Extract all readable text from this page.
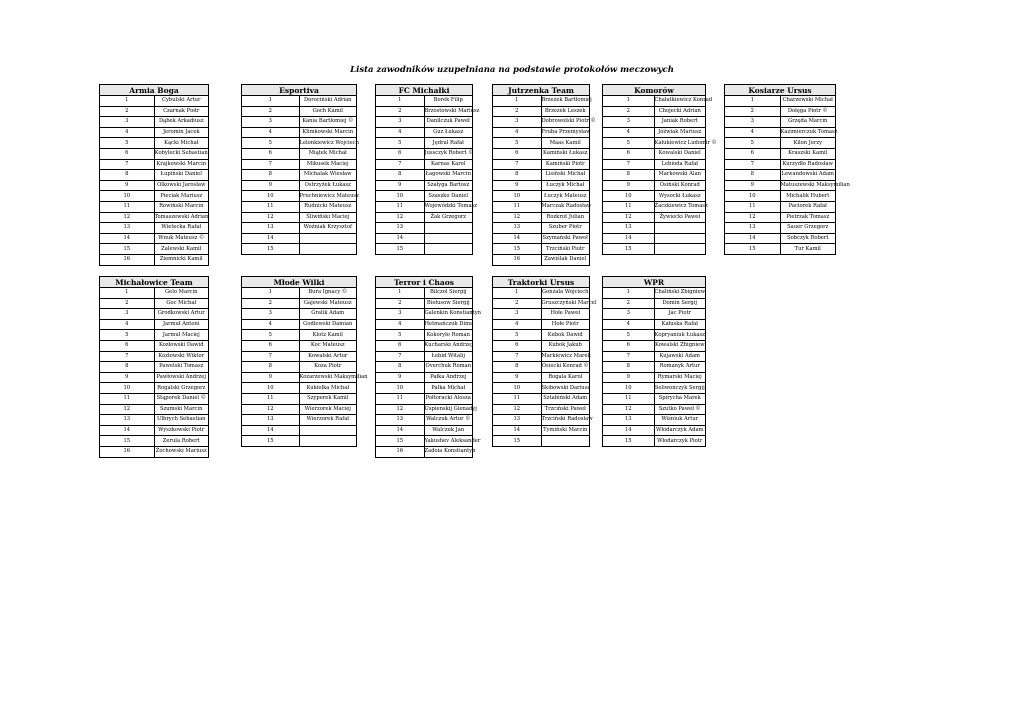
Lista zawodników uzupełniana na podstawie protokołów meczowych
Armia Boga	
1	Cybulski Artur
2	Czarnak Piotr
3	Dąbek Arkadiusz
4	Jeromin Jacek
5	Kącki Michał
6	Kobylecki Sebastian
7	Krajkowski Marcin
8	Łupiński Daniel
9	Olkowski Jarosław
10	Pieciak Mariusz
11	Rowiński Marcin
12	Tomaszewski Adrian
13	Wietecka Rafał
14	Wnuk Mateusz ©
15	Zalewski Kamil
16	Ziemnicki Kamil
Esportiva	
1	Dorociński Adrian
2	Goch Kamil
3	Kania Bartłomiej ©
4	Klimkowski Marcin
5	Lelonkiewicz Wojciech
6	Miątek Michał
7	Mikusek Maciej
8	Michalak Wiesław
9	Ostrzyżek Łukasz
10	Pruchniewicz Mateusz
11	Rudnicki Mateusz
12	Śliwiński Maciej
13	Woźniak Krzysztof
14	
15	
FC Michałki	
1	Borek Filip
2	Brzostowski Mariusz
3	Danilczuk Paweł
4	Guz Łukasz
5	Jędral Rafał
6	Jussczyk Robert ©
7	Karnas Karol
8	Łagowski Marcin
9	Szałyga Bartosz
10	Szaszko Daniel
11	Wojewódzki Tomasz
12	Żak Grzegorz
13	
14	
15	
Jutrzenka Team	
1	Brzezek Bartłomiej
2	Brzezek Leszek
3	Dobrowolski Piotr ©
4	Fruba Przemysław
5	Maas Kamil
6	Kamiński Łukasz
7	Kamiński Piotr
8	Lisiński Michał
9	Łuczyk Michał
10	Łuczyk Mateusz
11	Marczak Radosław
12	Rozkrut Julian
13	Szuber Piotr
14	Szymański Paweł
15	Trzciński Piotr
16	Zawiślak Daniel
Komorów	
1	Chałatkiewicz Konrad
2	Chojecki Adrian
3	Janiak Robert
4	Jóźwiak Mariusz
5	Kałukiewicz Ludomir ©
6	Kowalski Daniel
7	Lebioda Rafał
8	Markowski Alan
9	Osiński Konrad
10	Wysocki Łukasz
11	Żaczkiewicz Tomasz
12	Żywiecki Paweł
13	
14	
15	
Kosiarze Ursus	
1	Charzewski Michał
2	Dołęga Piotr ©
3	Grzęda Marcin
4	Kazimierczuk Tomasz
5	Kilon Jerzy
6	Kraszski Kamil
7	Kurzydło Radosław
8	Lewandowski Adam
9	Matuszewski Maksymilian
10	Michalik Hubert
11	Paciorek Rafał
12	Pietrzak Tomasz
13	Sauer Grzegorz
14	Sobczyk Robert
15	Tur Kamil
Michałowice Team	
1	Gelo Marcin
2	Goc Michał
3	Grodkowski Artur
4	Jarmuł Antoni
5	Jarmuł Maciej
6	Kozłowski Dawid
7	Kozłowski Wiktor
8	Pawelski Tomasz
9	Pawłowski Andrzej
10	Rogalski Grzegorz
11	Stąporek Daniel ©
12	Szumski Marcin
13	Ulbrych Sebastian
14	Wyszkowski Piotr
15	Zerula Robert
16	Żochowski Mariusz
Młode Wilki	
1	Bura Ignacy ©
2	Gajewski Mateusz
3	Gralik Adam
4	Godlewski Damian
5	Klotz Kamil
6	Koc Mateusz
7	Kowalski Artur
8	Koza Piotr
9	Kozarzewski Maksymilian
10	Kukiełka Michał
11	Szyperek Kamil
12	Wierzorek Maciej
13	Wierzorek Rafał
14	
15	
Terror i Chaos	
1	Bilczol Siergij
2	Biełusow Siergij
3	Galenkin Konstiantyn
4	Hetmańczuk Dima
5	Kokoryło Roman
6	Kucharski Andrzej
7	Łebid Witalij
8	Overchuk Roman
9	Pałka Andrzej
10	Pałka Michał
11	Połtoracki Alosza
12	Uspienskij Gienadyj
13	Walczuk Artur ©
14	Walczuk Jan
15	Yakushev Aleksander
16	Zadoia Konstiantyn
Traktorki Ursus	
1	Gonzala Wojciech
2	Gruszczyński Marcel
3	Hołe Paweł
4	Hołe Piotr
5	Kubok Dawid
6	Kubok Jakub
7	Markiewicz Marek
8	Osiecki Konrad ©
9	Rogala Karol
10	Skibowski Dariusz
11	Sztabiński Adam
12	Trzciński Paweł
13	Trzciński Radosław
14	Tymiński Marcin
15	
WPR	
1	Chaliński Zbigniew
2	Domin Sergij
3	Jac Piotr
4	Kałuska Rafał
5	Kopryaniuk Łukasz
6	Kowalski Zbigniew
7	Kujawski Adam
8	Romanyk Artur
9	Rymarski Maciej
10	Seliwonczyk Sergij
11	Spirycha Marek
12	Szutko Paweł ©
13	Wiśniuk Artur
14	Włodarczyk Adam
15	Włodarczyk Piotr
